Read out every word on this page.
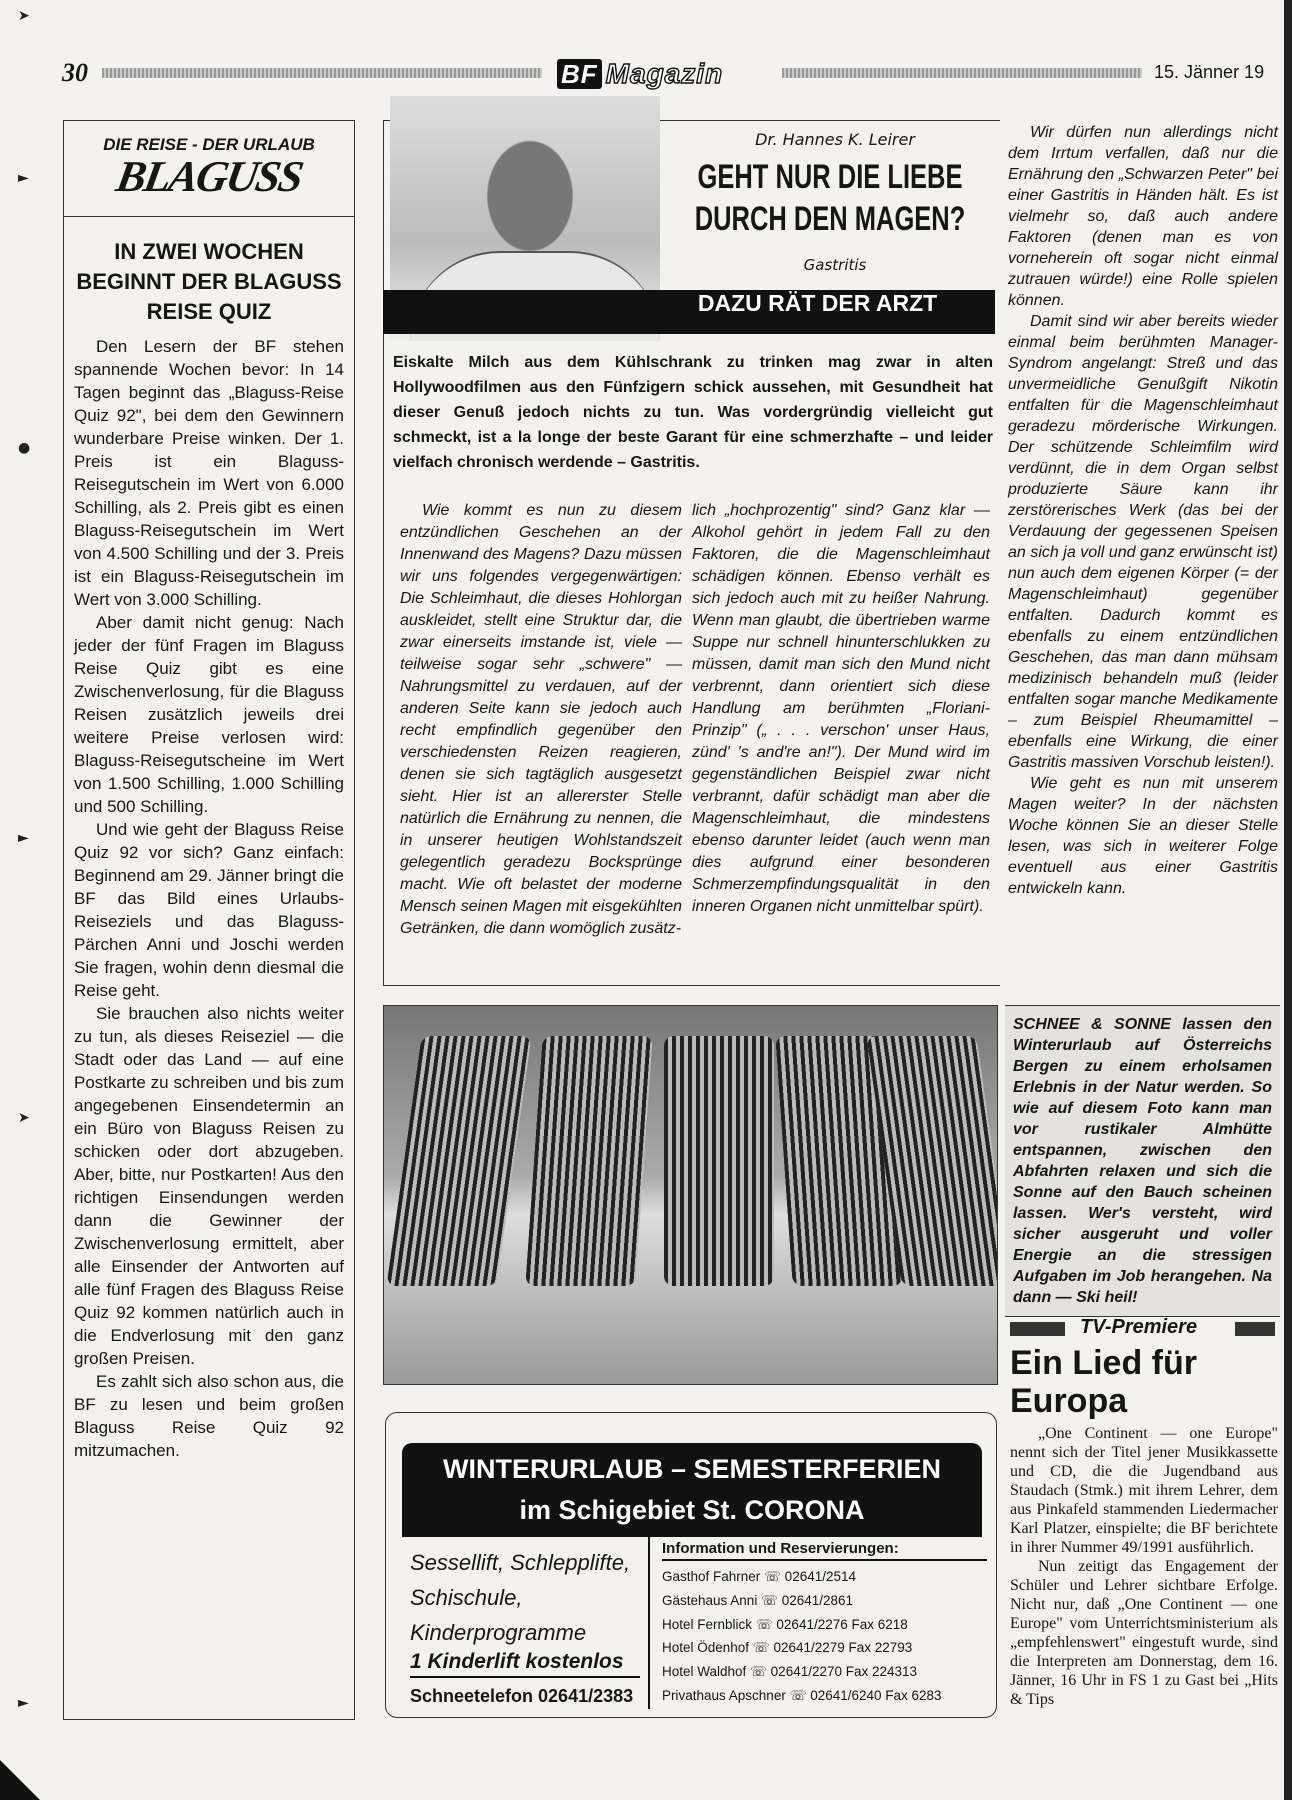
30	BF Magazin	15. Jänner 19
DIE REISE - DER URLAUB
BLAGUSS
IN ZWEI WOCHEN BEGINNT DER BLAGUSS REISE QUIZ

Den Lesern der BF stehen spannende Wochen bevor: In 14 Tagen beginnt das „Blaguss-Reise Quiz 92", bei dem den Gewinnern wunderbare Preise winken. Der 1. Preis ist ein Blaguss-Reisegutschein im Wert von 6.000 Schilling, als 2. Preis gibt es einen Blaguss-Reisegutschein im Wert von 4.500 Schilling und der 3. Preis ist ein Blaguss-Reisegutschein im Wert von 3.000 Schilling.

Aber damit nicht genug: Nach jeder der fünf Fragen im Blaguss Reise Quiz gibt es eine Zwischenverlosung, für die Blaguss Reisen zusätzlich jeweils drei weitere Preise verlosen wird: Blaguss-Reisegutscheine im Wert von 1.500 Schilling, 1.000 Schilling und 500 Schilling.

Und wie geht der Blaguss Reise Quiz 92 vor sich? Ganz einfach: Beginnend am 29. Jänner bringt die BF das Bild eines Urlaubs-Reiseziels und das Blaguss-Pärchen Anni und Joschi werden Sie fragen, wohin denn diesmal die Reise geht.

Sie brauchen also nichts weiter zu tun, als dieses Reiseziel — die Stadt oder das Land — auf eine Postkarte zu schreiben und bis zum angegebenen Einsendetermin an ein Büro von Blaguss Reisen zu schicken oder dort abzugeben. Aber, bitte, nur Postkarten! Aus den richtigen Einsendungen werden dann die Gewinner der Zwischenverlosung ermittelt, aber alle Einsender der Antworten auf alle fünf Fragen des Blaguss Reise Quiz 92 kommen natürlich auch in die Endverlosung mit den ganz großen Preisen.

Es zahlt sich also schon aus, die BF zu lesen und beim großen Blaguss Reise Quiz 92 mitzumachen.

Dr. Hannes K. Leirer
GEHT NUR DIE LIEBE DURCH DEN MAGEN?
Gastritis
DAZU RÄT DER ARZT
Eiskalte Milch aus dem Kühlschrank zu trinken mag zwar in alten Hollywoodfilmen aus den Fünfzigern schick aussehen, mit Gesundheit hat dieser Genuß jedoch nichts zu tun. Was vordergründig vielleicht gut schmeckt, ist a la longe der beste Garant für eine schmerzhafte – und leider vielfach chronisch werdende – Gastritis.

Wie kommt es nun zu diesem entzündlichen Geschehen an der Innenwand des Magens? Dazu müssen wir uns folgendes vergegenwärtigen: Die Schleimhaut, die dieses Hohlorgan auskleidet, stellt eine Struktur dar, die zwar einerseits imstande ist, viele — teilweise sogar sehr „schwere" — Nahrungsmittel zu verdauen, auf der anderen Seite kann sie jedoch auch recht empfindlich gegenüber den verschiedensten Reizen reagieren, denen sie sich tagtäglich ausgesetzt sieht. Hier ist an allererster Stelle natürlich die Ernährung zu nennen, die in unserer heutigen Wohlstandszeit gelegentlich geradezu Bocksprünge macht. Wie oft belastet der moderne Mensch seinen Magen mit eisgekühlten Getränken, die dann womöglich zusätz-

lich „hochprozentig" sind? Ganz klar — Alkohol gehört in jedem Fall zu den Faktoren, die die Magenschleimhaut schädigen können. Ebenso verhält es sich jedoch auch mit zu heißer Nahrung. Wenn man glaubt, die übertrieben warme Suppe nur schnell hinunterschlukken zu müssen, damit man sich den Mund nicht verbrennt, dann orientiert sich diese Handlung am berühmten „Floriani-Prinzip" („ . . . verschon' unser Haus, zünd' 's and're an!"). Der Mund wird im gegenständlichen Beispiel zwar nicht verbrannt, dafür schädigt man aber die Magenschleimhaut, die mindestens ebenso darunter leidet (auch wenn man dies aufgrund einer besonderen Schmerzempfindungsqualität in den inneren Organen nicht unmittelbar spürt).

Wir dürfen nun allerdings nicht dem Irrtum verfallen, daß nur die Ernährung den „Schwarzen Peter" bei einer Gastritis in Händen hält. Es ist vielmehr so, daß auch andere Faktoren (denen man es von vorneherein oft sogar nicht einmal zutrauen würde!) eine Rolle spielen können.

Damit sind wir aber bereits wieder einmal beim berühmten Manager-Syndrom angelangt: Streß und das unvermeidliche Genußgift Nikotin entfalten für die Magenschleimhaut geradezu mörderische Wirkungen. Der schützende Schleimfilm wird verdünnt, die in dem Organ selbst produzierte Säure kann ihr zerstörerisches Werk (das bei der Verdauung der gegessenen Speisen an sich ja voll und ganz erwünscht ist) nun auch dem eigenen Körper (= der Magenschleimhaut) gegenüber entfalten. Dadurch kommt es ebenfalls zu einem entzündlichen Geschehen, das man dann mühsam medizinisch behandeln muß (leider entfalten sogar manche Medikamente – zum Beispiel Rheumamittel – ebenfalls eine Wirkung, die einer Gastritis massiven Vorschub leisten!).

Wie geht es nun mit unserem Magen weiter? In der nächsten Woche können Sie an dieser Stelle lesen, was sich in weiterer Folge eventuell aus einer Gastritis entwickeln kann.

SCHNEE & SONNE lassen den Winterurlaub auf Österreichs Bergen zu einem erholsamen Erlebnis in der Natur werden. So wie auf diesem Foto kann man vor rustikaler Almhütte entspannen, zwischen den Abfahrten relaxen und sich die Sonne auf den Bauch scheinen lassen. Wer's versteht, wird sicher ausgeruht und voller Energie an die stressigen Aufgaben im Job herangehen. Na dann — Ski heil!
TV-Premiere
Ein Lied für Europa

„One Continent — one Europe" nennt sich der Titel jener Musikkassette und CD, die die Jugendband aus Staudach (Stmk.) mit ihrem Lehrer, dem aus Pinkafeld stammenden Liedermacher Karl Platzer, einspielte; die BF berichtete in ihrer Nummer 49/1991 ausführlich.

Nun zeitigt das Engagement der Schüler und Lehrer sichtbare Erfolge. Nicht nur, daß „One Continent — one Europe" vom Unterrichtsministerium als „empfehlenswert" eingestuft wurde, sind die Interpreten am Donnerstag, dem 16. Jänner, 16 Uhr in FS 1 zu Gast bei „Hits & Tips

WINTERURLAUB – SEMESTERFERIEN
im Schigebiet St. CORONA
Sessellift, Schlepplifte,
Schischule,
Kinderprogramme
1 Kinderlift kostenlos
Schneetelefon 02641/2383
Information und Reservierungen:
Gasthof Fahrner ☏ 02641/2514
Gästehaus Anni ☏ 02641/2861
Hotel Fernblick ☏ 02641/2276 Fax 6218
Hotel Ödenhof ☏ 02641/2279 Fax 22793
Hotel Waldhof ☏ 02641/2270 Fax 224313
Privathaus Apschner ☏ 02641/6240 Fax 6283
➤
►
●
►
➤
►
